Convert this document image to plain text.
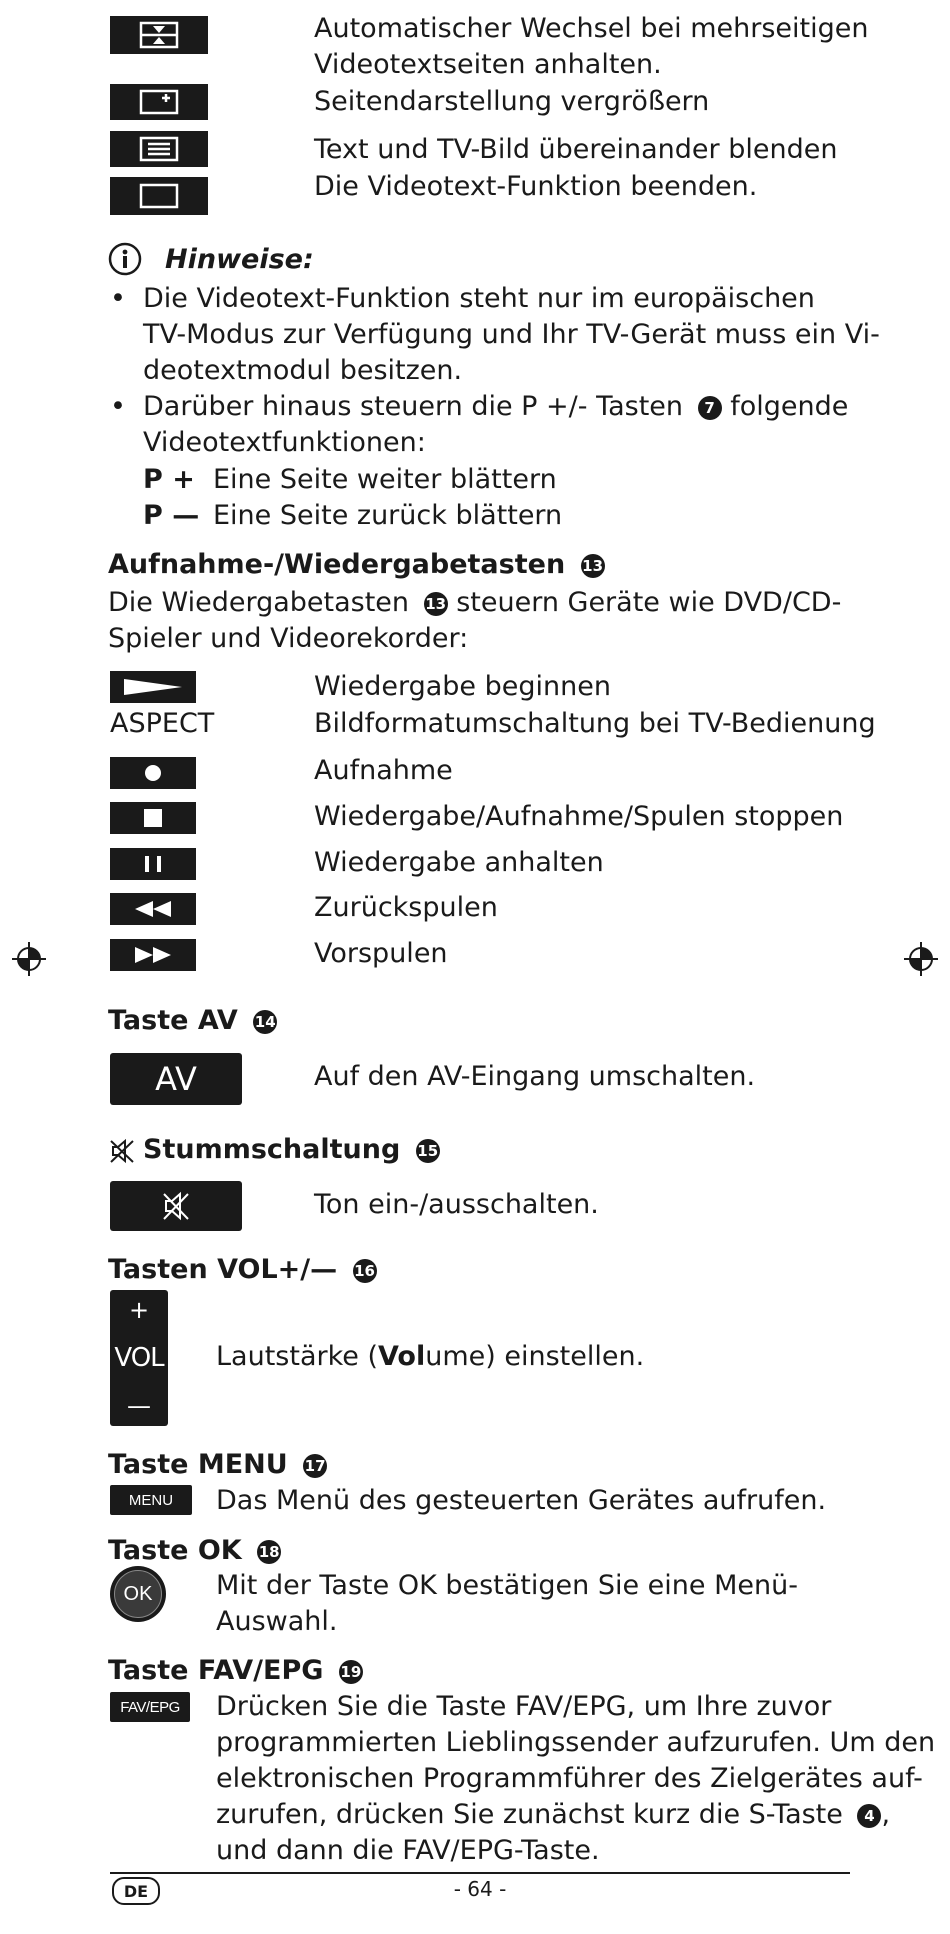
Automatischer Wechsel bei mehrseitigen
Videotextseiten anhalten.
Seitendarstellung vergrößern
Text und TV-Bild übereinander blenden
Die Videotext-Funktion beenden.
Hinweise:
• Die Videotext-Funktion steht nur im europäischen
TV-Modus zur Verfügung und Ihr TV-Gerät muss ein Vi-
deotextmodul besitzen.
• Darüber hinaus steuern die P +/- Tasten 7 folgende
Videotextfunktionen:
P + Eine Seite weiter blättern
P — Eine Seite zurück blättern
Aufnahme-/Wiedergabetasten 13
Die Wiedergabetasten 13 steuern Geräte wie DVD/CD-
Spieler und Videorekorder:
Wiedergabe beginnen
ASPECT	Bildformatumschaltung bei TV-Bedienung
Aufnahme
Wiedergabe/Aufnahme/Spulen stoppen
Wiedergabe anhalten
Zurückspulen
Vorspulen
Taste AV 14
AV	Auf den AV-Eingang umschalten.
Stummschaltung 15
Ton ein-/ausschalten.
Tasten VOL+/— 16
+
VOL
—
Lautstärke (Volume) einstellen.
Taste MENU 17
MENU Das Menü des gesteuerten Gerätes aufrufen.
Taste OK 18
OK Mit der Taste OK bestätigen Sie eine Menü-
Auswahl.
Taste FAV/EPG 19
FAV/EPG Drücken Sie die Taste FAV/EPG, um Ihre zuvor
programmierten Lieblingssender aufzurufen. Um den
elektronischen Programmführer des Zielgerätes auf-
zurufen, drücken Sie zunächst kurz die S-Taste 4 ,
und dann die FAV/EPG-Taste.
DE	- 64 -
